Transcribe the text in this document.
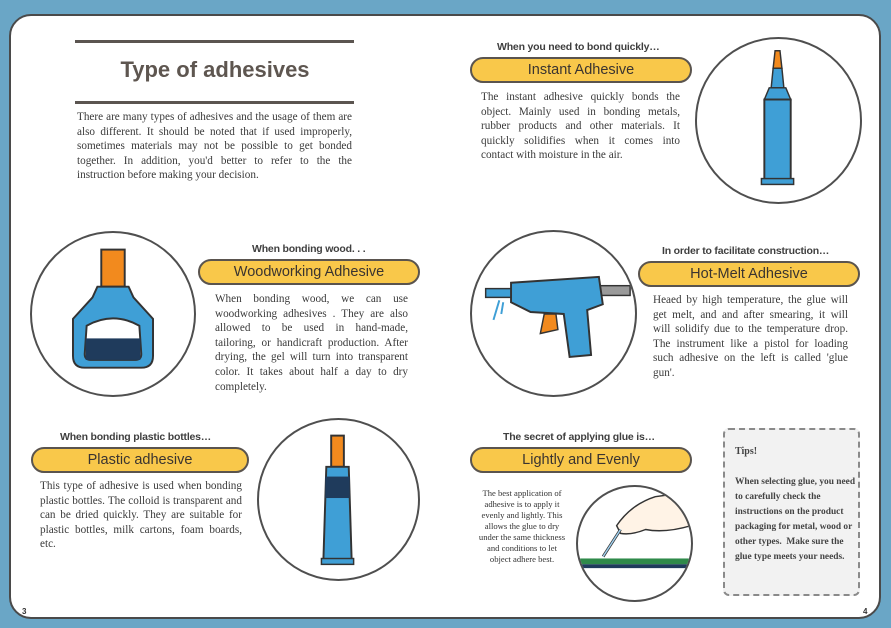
Type of adhesives
There are many types of adhesives and the usage of them are also different. It should be noted that if used improperly, sometimes materials may not be possible to get bonded together. In addition, you'd better to refer to the the instruction before making your decision.
When bonding wood. . .
Woodworking Adhesive
When bonding wood, we can use woodworking adhesives . They are also allowed to be used in hand-made, tailoring, or handicraft production. After drying, the gel will turn into transparent color. It takes about half a day to dry completely.
When bonding plastic bottles…
Plastic adhesive
This type of adhesive is used when bonding plastic bottles. The colloid is transparent and can be dried quickly. They are suitable for plastic bottles, milk cartons, foam boards, etc.
3
When you need to bond quickly…
Instant Adhesive
The instant adhesive quickly bonds the object. Mainly used in bonding metals, rubber products and other materials. It quickly solidifies when it comes into contact with moisture in the air.
In order to facilitate construction…
Hot-Melt Adhesive
Heaed by high temperature, the glue will get melt, and and after smearing, it will will solidify due to the temperature drop. The instrument like a pistol for loading such adhesive on the left is called 'glue gun'.
The secret of applying glue is…
Lightly and Evenly
The best application of adhesive is to apply it evenly and lightly. This allows the glue to dry under the same thickness and conditions to let object adhere best.
Tips!
When selecting glue, you need to carefully check the instructions on the product packaging for metal, wood or other types.  Make sure the glue type meets your needs.
4
